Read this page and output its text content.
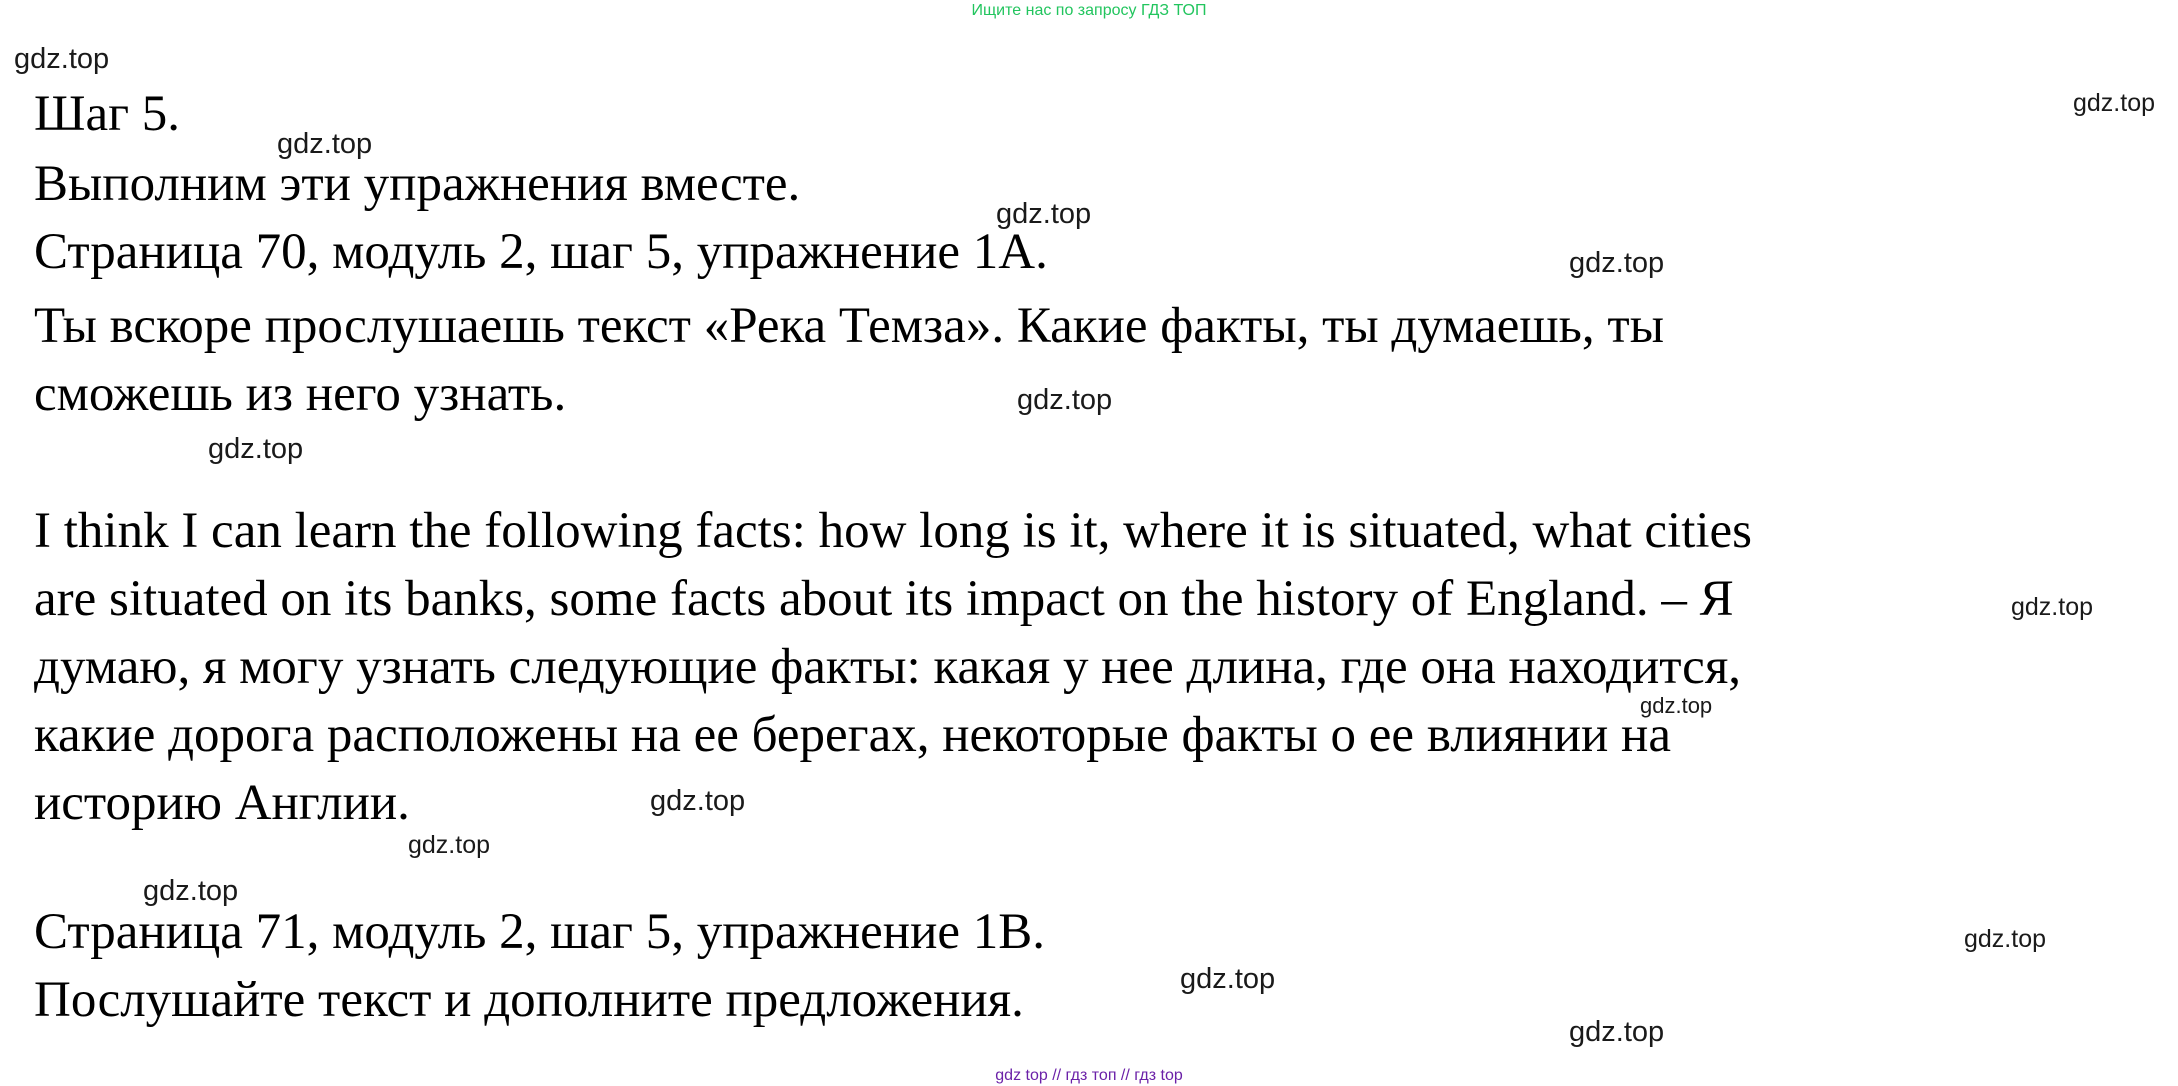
Ищите нас по запросу ГДЗ ТОП

Шаг 5.

Выполним эти упражнения вместе.

Страница 70, модуль 2, шаг 5, упражнение 1А.

Ты вскоре прослушаешь текст «Река Темза». Какие факты, ты думаешь, ты
сможешь из него узнать.

I think I can learn the following facts: how long is it, where it is situated, what cities
are situated on its banks, some facts about its impact on the history of England. – Я
думаю, я могу узнать следующие факты: какая у нее длина, где она находится,
какие дорога расположены на ее берегах, некоторые факты о ее влиянии на
историю Англии.

Страница 71, модуль 2, шаг 5, упражнение 1В.

Послушайте текст и дополните предложения.

gdz.top
gdz.top
gdz.top
gdz.top
gdz.top
gdz.top
gdz.top
gdz.top
gdz.top
gdz.top
gdz.top
gdz.top
gdz.top
gdz.top
gdz.top
gdz top // гдз топ // гдз top
